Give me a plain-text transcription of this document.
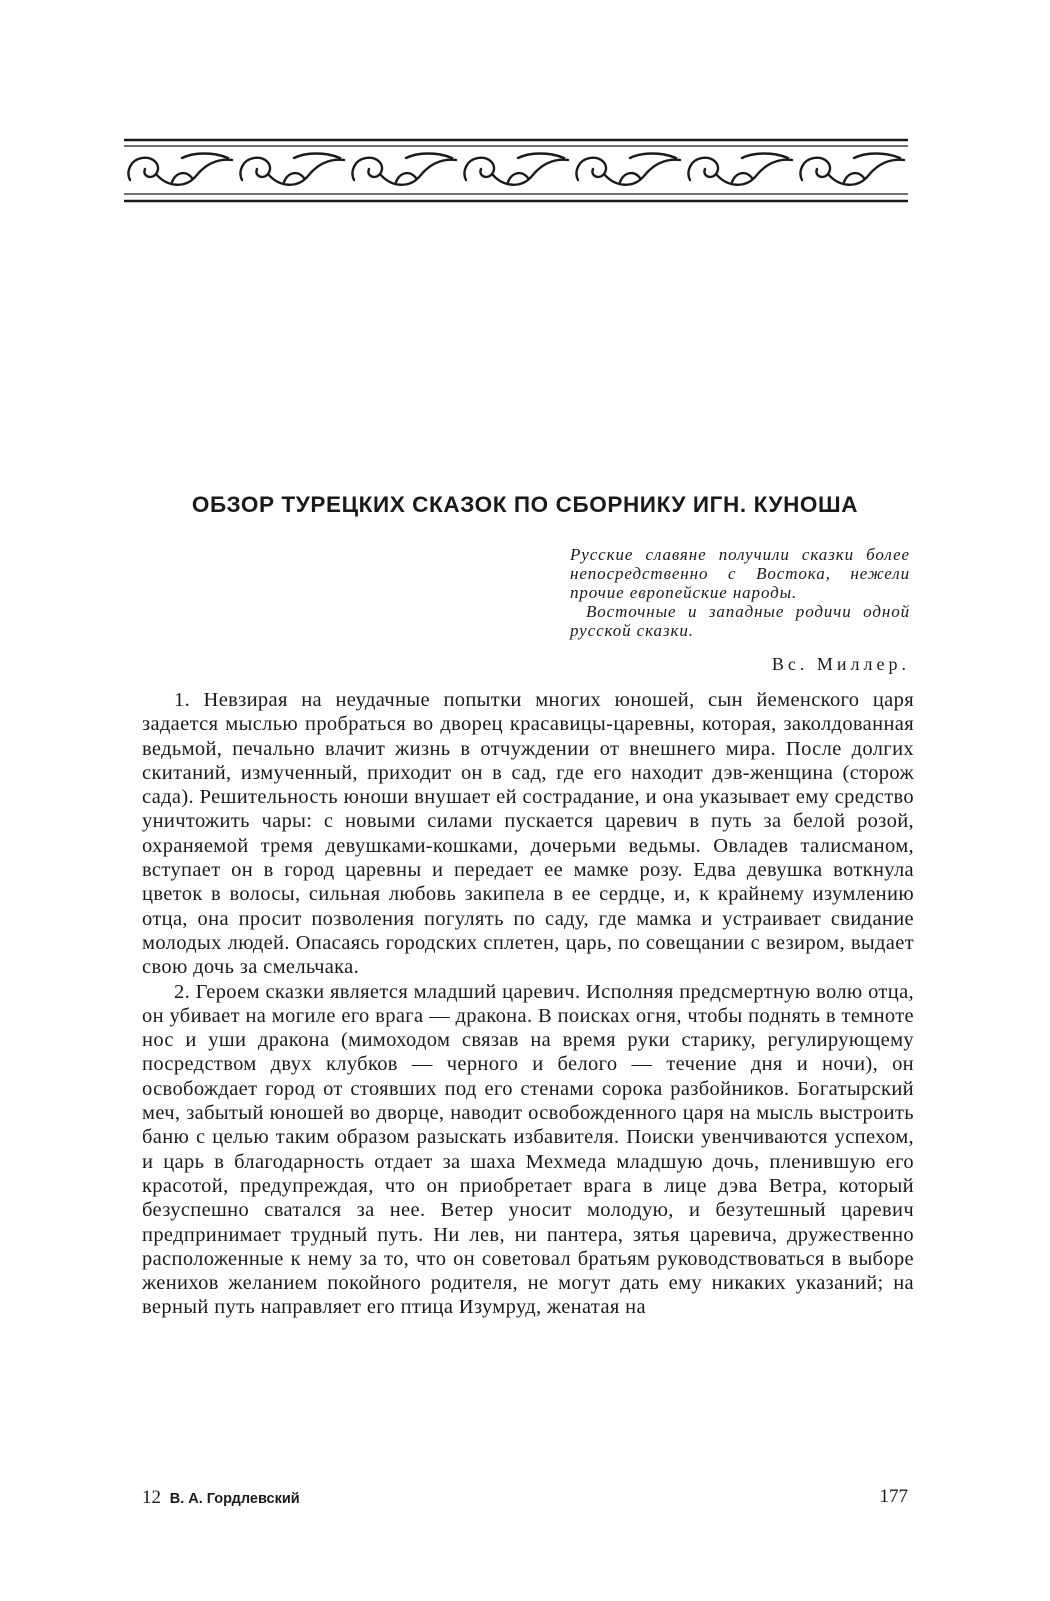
ОБЗОР ТУРЕЦКИХ СКАЗОК ПО СБОРНИКУ ИГН. КУНОША

Русские славяне получили сказки более непосредственно с Востока, нежели прочие европейские народы.

Восточные и западные родичи одной русской сказки.

Вс. Миллер.

1. Невзирая на неудачные попытки многих юношей, сын йеменского царя задается мыслью пробраться во дворец красавицы-царевны, которая, заколдованная ведьмой, печально влачит жизнь в отчуждении от внешнего мира. После долгих скитаний, измученный, приходит он в сад, где его находит дэв-женщина (сторож сада). Решительность юноши внушает ей сострадание, и она указывает ему средство уничтожить чары: с новыми силами пускается царевич в путь за белой розой, охраняемой тремя девушками-кошками, дочерьми ведьмы. Овладев талисманом, вступает он в город царевны и передает ее мамке розу. Едва девушка воткнула цветок в волосы, сильная любовь закипела в ее сердце, и, к крайнему изумлению отца, она просит позволения погулять по саду, где мамка и устраивает свидание молодых людей. Опасаясь городских сплетен, царь, по совещании с везиром, выдает свою дочь за смельчака.

2. Героем сказки является младший царевич. Исполняя предсмертную волю отца, он убивает на могиле его врага — дракона. В поисках огня, чтобы поднять в темноте нос и уши дракона (мимоходом связав на время руки старику, регулирующему посредством двух клубков — черного и белого — течение дня и ночи), он освобождает город от стоявших под его стенами сорока разбойников. Богатырский меч, забытый юношей во дворце, наводит освобожденного царя на мысль выстроить баню с целью таким образом разыскать избавителя. Поиски увенчиваются успехом, и царь в благодарность отдает за шаха Мехмеда младшую дочь, пленившую его красотой, предупреждая, что он приобретает врага в лице дэва Ветра, который безуспешно сватался за нее. Ветер уносит молодую, и безутешный царевич предпринимает трудный путь. Ни лев, ни пантера, зятья царевича, дружественно расположенные к нему за то, что он советовал братьям руководствоваться в выборе женихов желанием покойного родителя, не могут дать ему никаких указаний; на верный путь направляет его птица Изумруд, женатая на

12 В. А. Гордлевский	177
